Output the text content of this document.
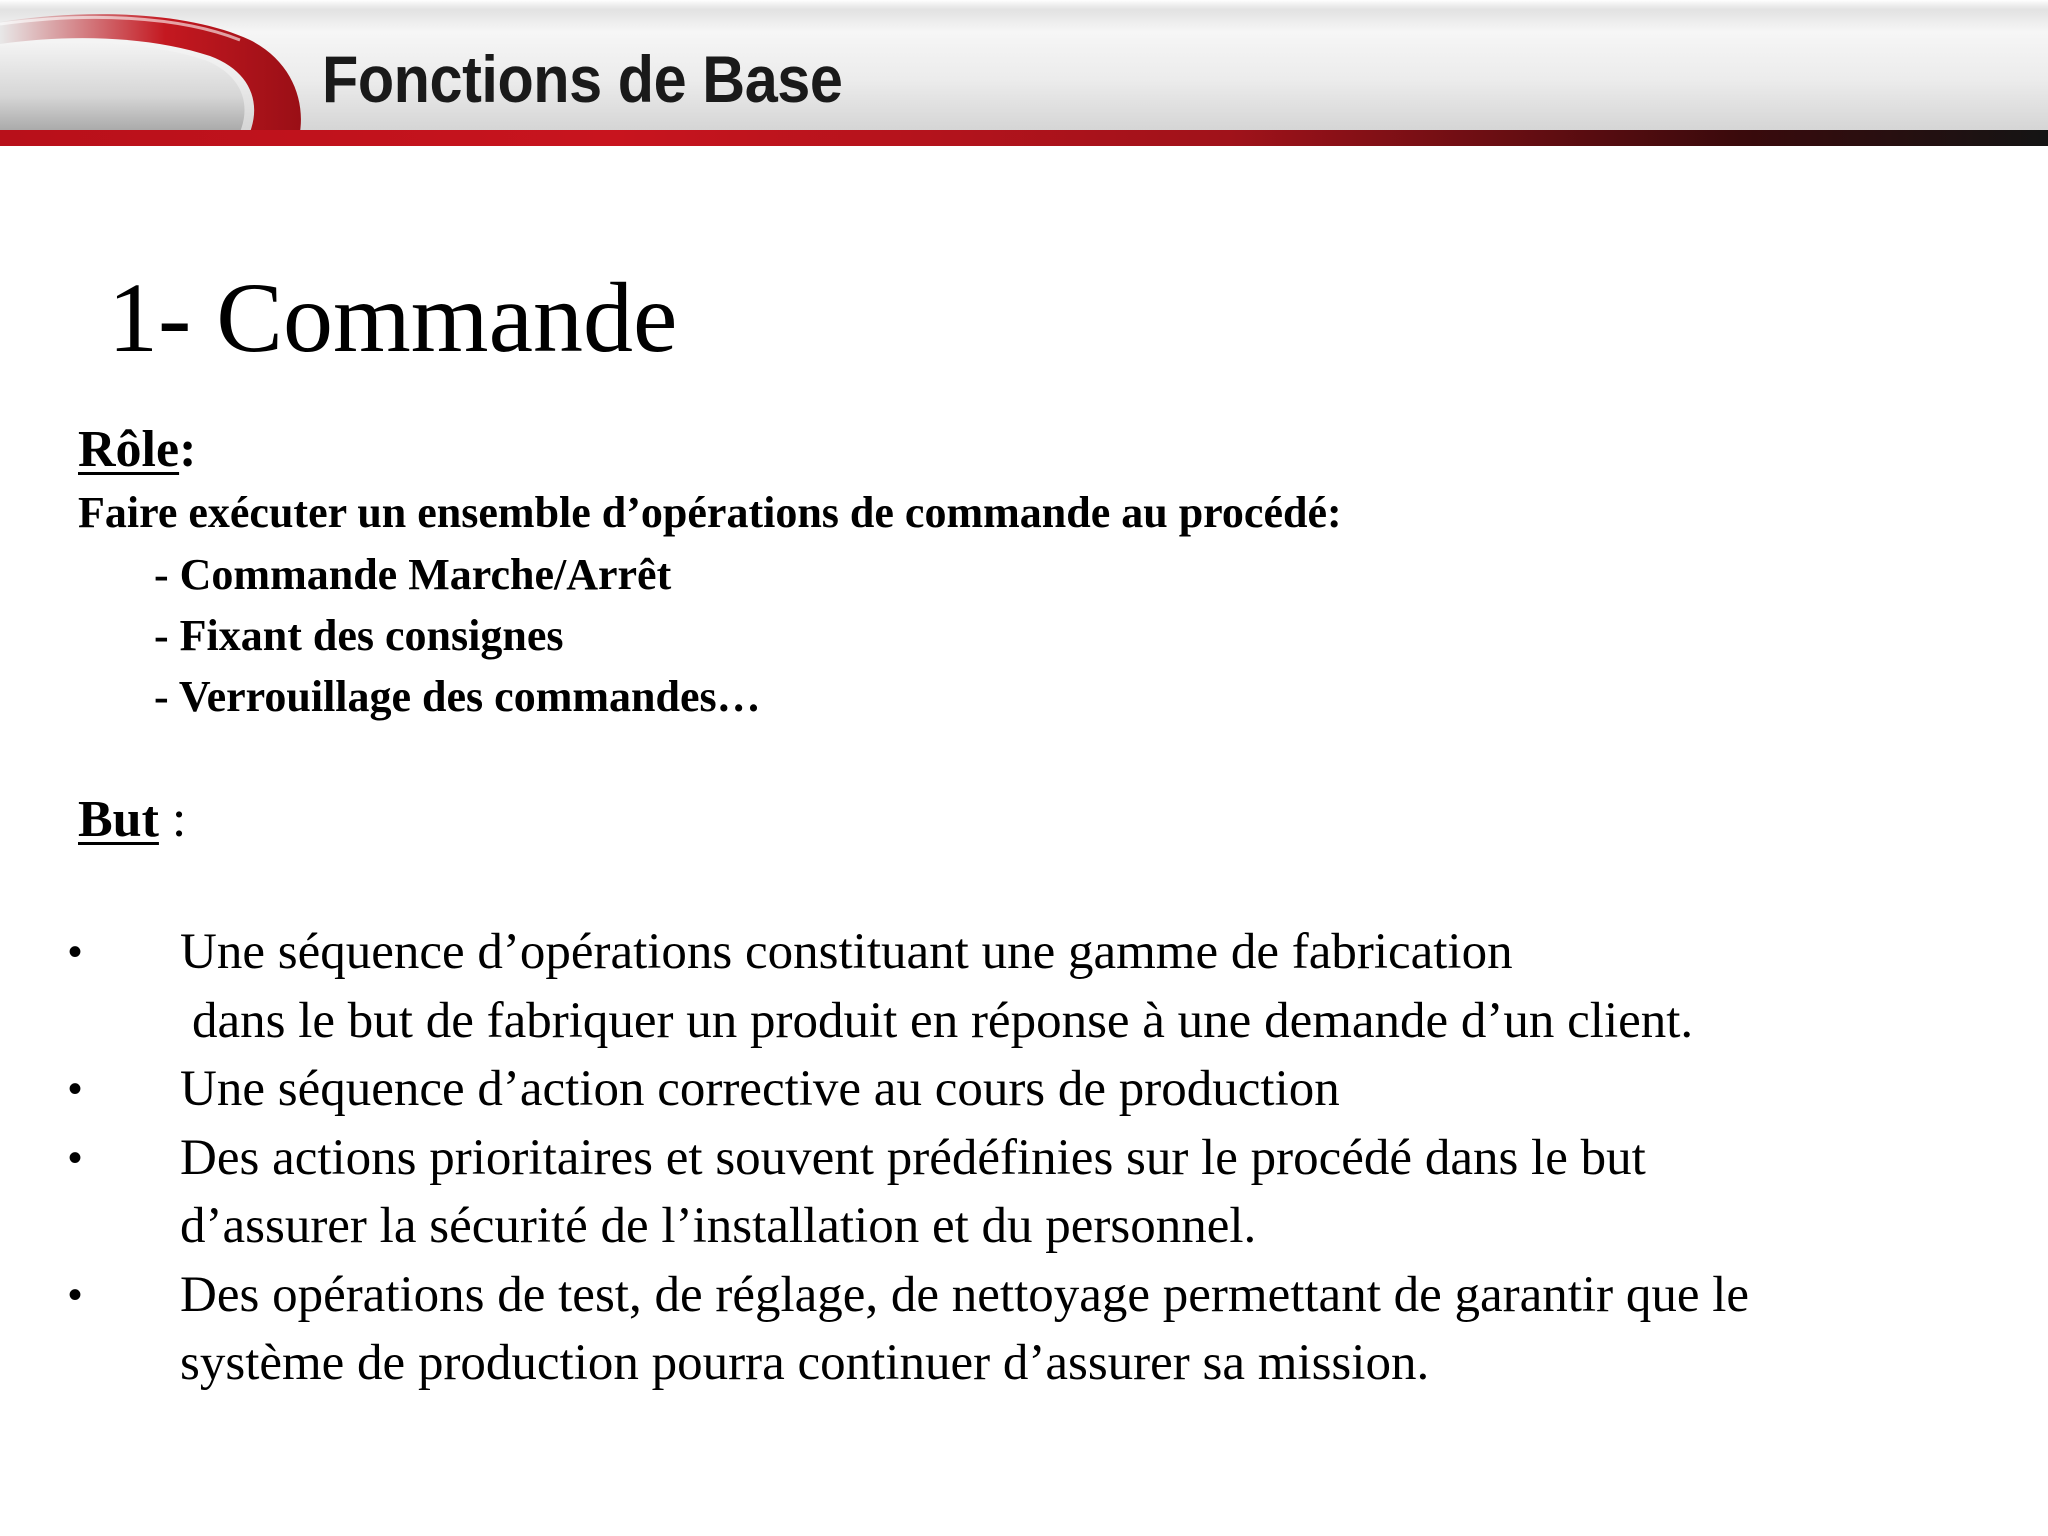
Fonctions de Base
1- Commande
Rôle:
Faire exécuter un ensemble d’opérations de commande au procédé:
- Commande Marche/Arrêt
- Fixant des consignes
- Verrouillage des commandes…
But :
•	Une séquence d’opérations constituant une gamme de fabrication
dans le but de fabriquer un produit en réponse à une demande d’un client.
•	Une séquence d’action corrective au cours de production
•	Des actions prioritaires et souvent prédéfinies sur le procédé dans le but
d’assurer la sécurité de l’installation et du personnel.
•	Des opérations de test, de réglage, de nettoyage permettant de garantir que le
système de production pourra continuer d’assurer sa mission.
